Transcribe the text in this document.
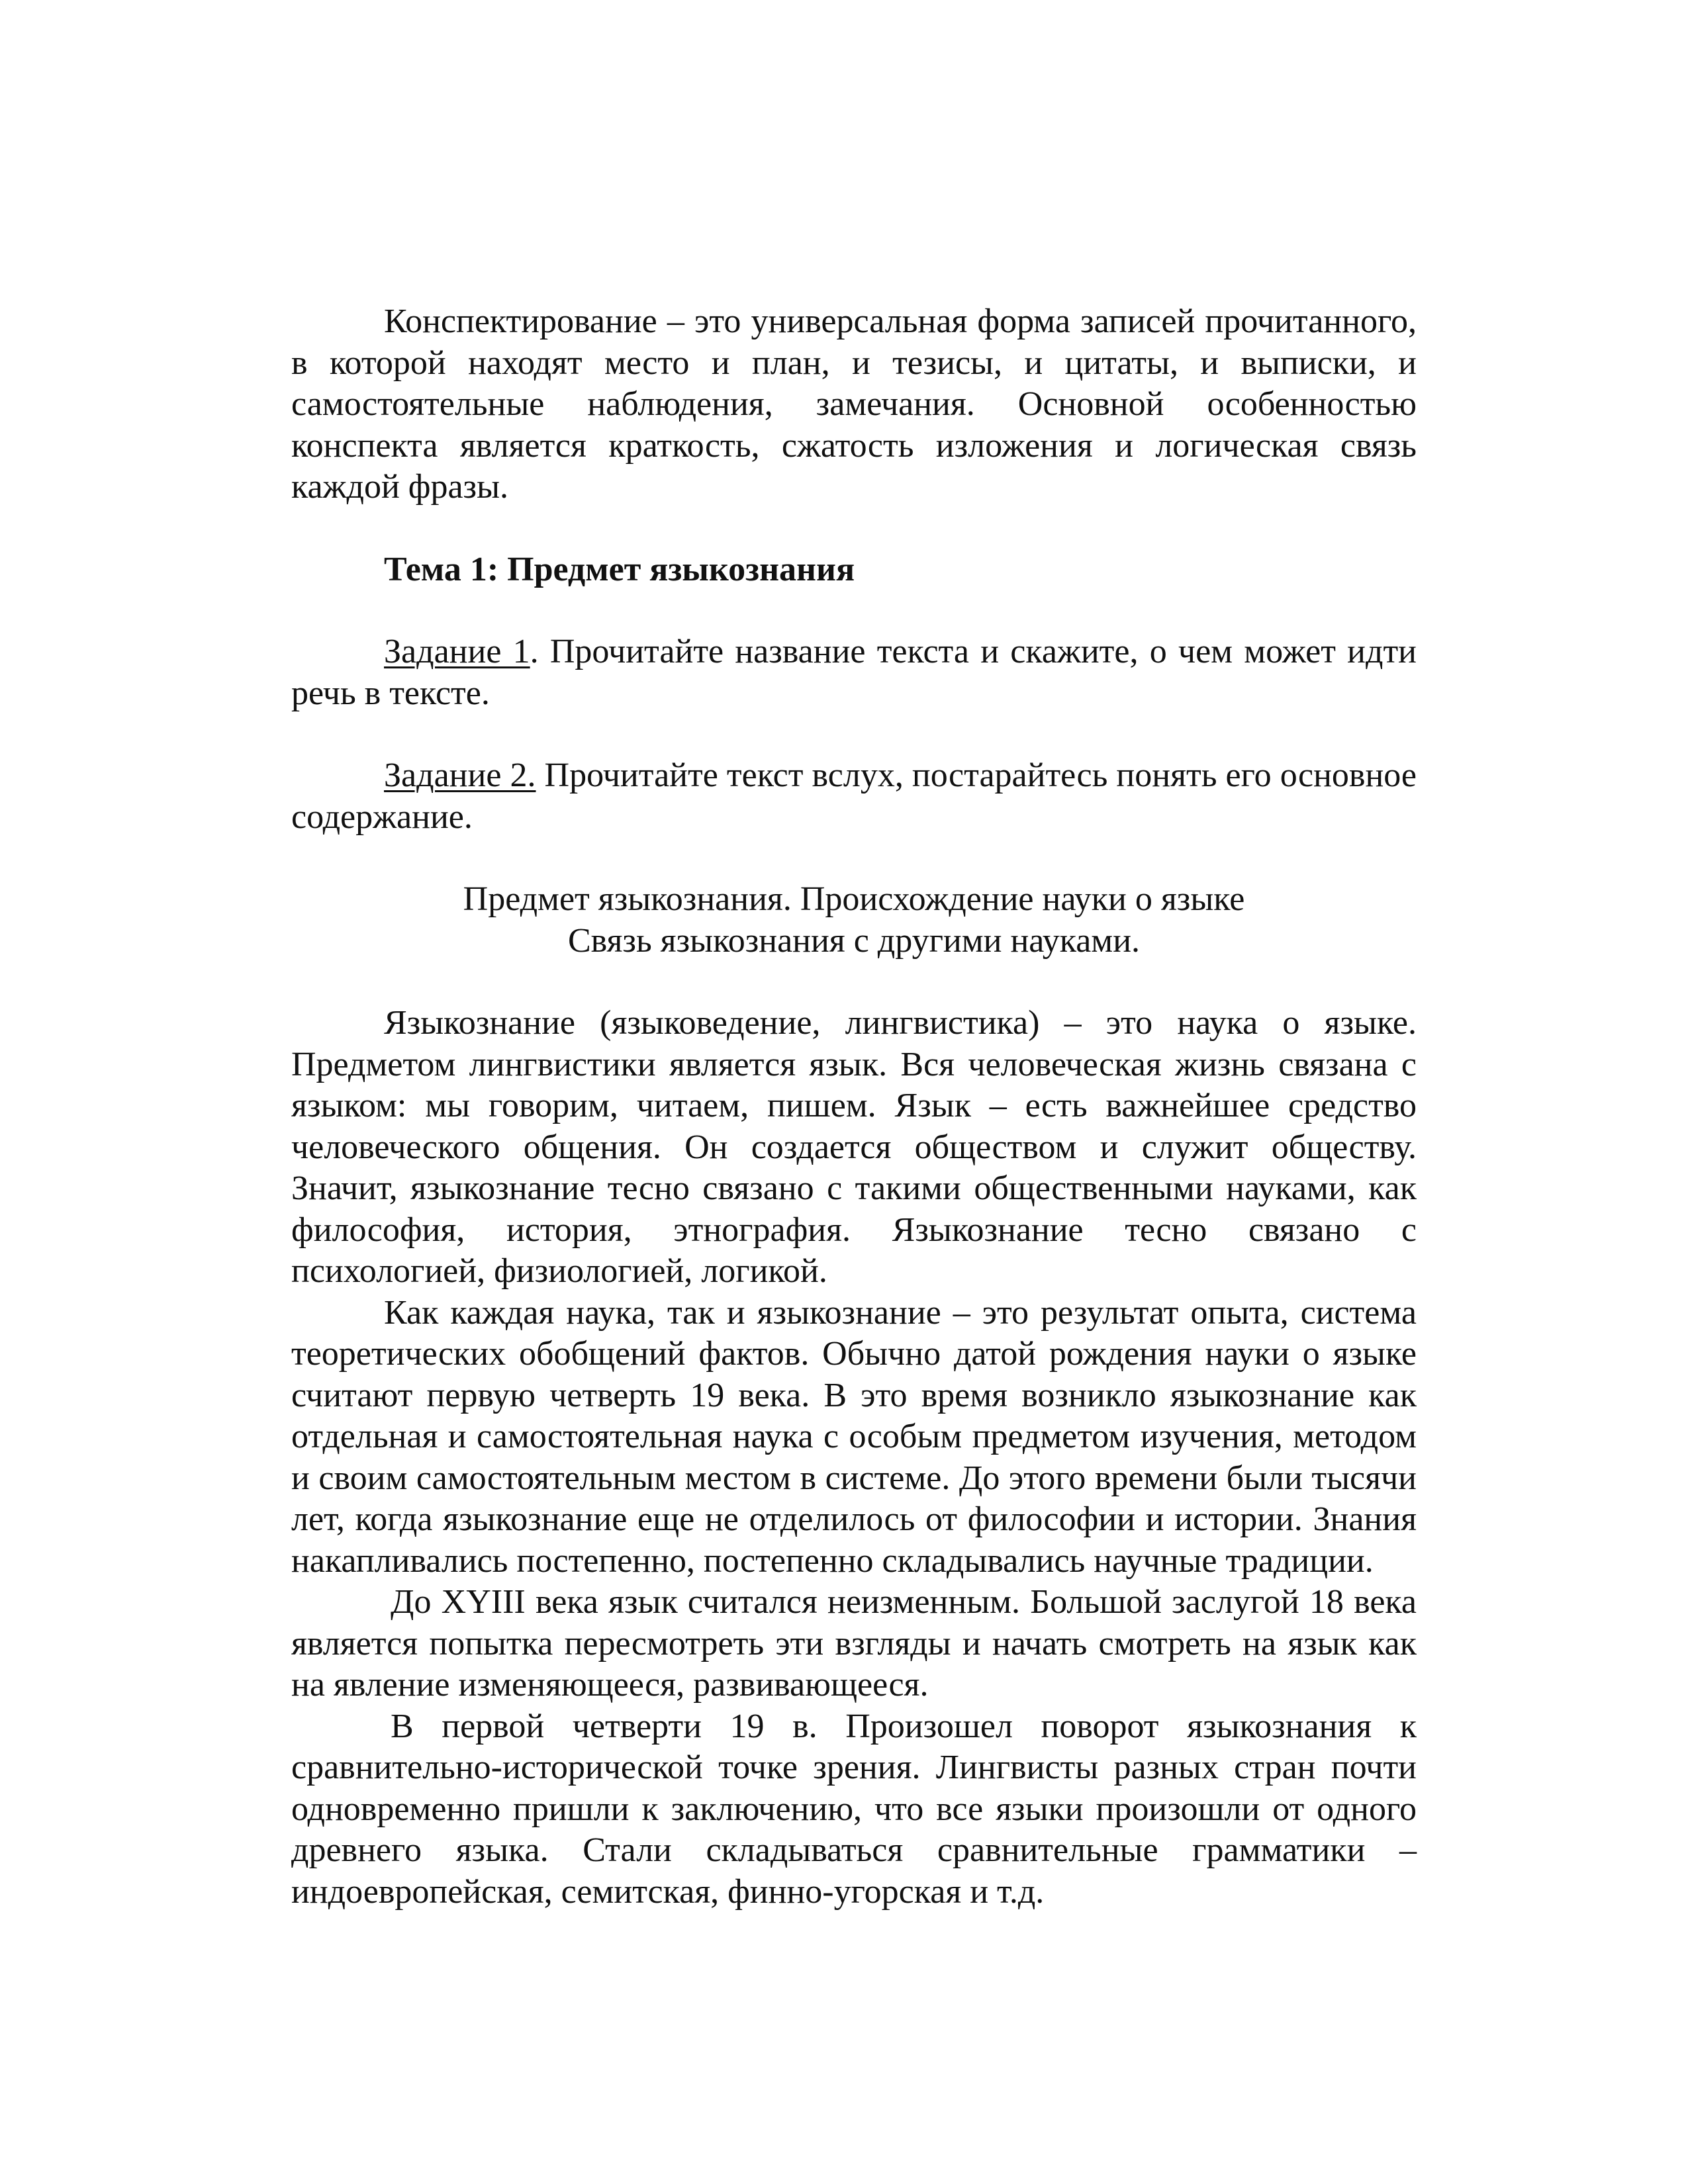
Конспектирование – это универсальная форма записей прочитанного, в которой находят место и план, и тезисы, и цитаты, и выписки, и самостоятельные наблюдения, замечания. Основной особенностью конспекта является краткость, сжатость изложения и логическая связь каждой фразы.

Тема 1: Предмет языкознания

Задание 1. Прочитайте название текста и скажите, о чем может идти речь в тексте.

Задание 2. Прочитайте текст вслух, постарайтесь понять его основное содержание.

Предмет языкознания. Происхождение науки о языке
Связь языкознания с другими науками.

Языкознание (языковедение, лингвистика) – это наука о языке. Предметом лингвистики является язык. Вся человеческая жизнь связана с языком: мы говорим, читаем, пишем. Язык – есть важнейшее средство человеческого общения. Он создается обществом и служит обществу. Значит, языкознание тесно связано с такими общественными науками, как философия, история, этнография. Языкознание тесно связано с психологией, физиологией, логикой.

Как каждая наука, так и языкознание – это результат опыта, система теоретических обобщений фактов. Обычно датой рождения науки о языке считают первую четверть 19 века. В это время возникло языкознание как отдельная и самостоятельная наука с особым предметом изучения, методом и своим самостоятельным местом в системе. До этого времени были тысячи лет, когда языкознание еще не отделилось от философии и истории. Знания накапливались постепенно, постепенно складывались научные традиции.

До XYIII века язык считался неизменным. Большой заслугой 18 века является попытка пересмотреть эти взгляды и начать смотреть на язык как на явление изменяющееся, развивающееся.

В первой четверти 19 в. Произошел поворот языкознания к сравнительно-исторической точке зрения. Лингвисты разных стран почти одновременно пришли к заключению, что все языки произошли от одного древнего языка. Стали складываться сравнительные грамматики – индоевропейская, семитская, финно-угорская и т.д.
